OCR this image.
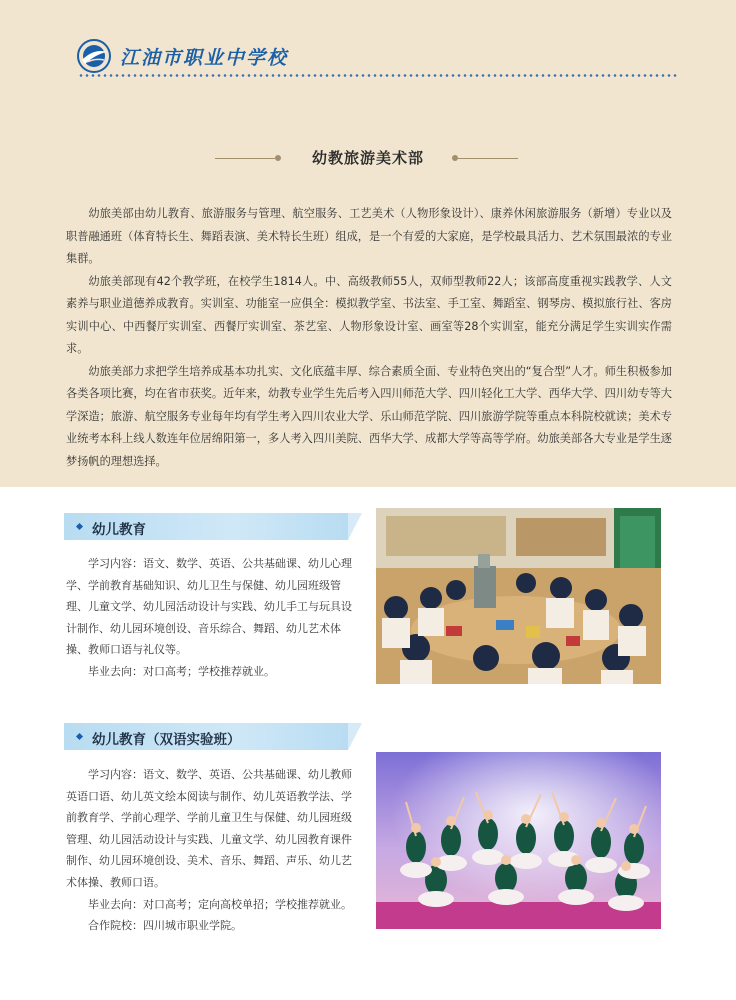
江油市职业中学校
幼教旅游美术部

幼旅美部由幼儿教育、旅游服务与管理、航空服务、工艺美术（人物形象设计）、康养休闲旅游服务（新增）专业以及职普融通班（体育特长生、舞蹈表演、美术特长生班）组成，是一个有爱的大家庭，是学校最具活力、艺术氛围最浓的专业集群。

幼旅美部现有42个教学班，在校学生1814人。中、高级教师55人，双师型教师22人；该部高度重视实践教学、人文素养与职业道德养成教育。实训室、功能室一应俱全：模拟教学室、书法室、手工室、舞蹈室、钢琴房、模拟旅行社、客房实训中心、中西餐厅实训室、西餐厅实训室、茶艺室、人物形象设计室、画室等28个实训室，能充分满足学生实训实作需求。

幼旅美部力求把学生培养成基本功扎实、文化底蕴丰厚、综合素质全面、专业特色突出的“复合型”人才。师生积极参加各类各项比赛，均在省市获奖。近年来，幼教专业学生先后考入四川师范大学、四川轻化工大学、西华大学、四川幼专等大学深造；旅游、航空服务专业每年均有学生考入四川农业大学、乐山师范学院、四川旅游学院等重点本科院校就读；美术专业统考本科上线人数连年位居绵阳第一，多人考入四川美院、西华大学、成都大学等高等学府。幼旅美部各大专业是学生逐梦扬帆的理想选择。

幼儿教育

学习内容：语文、数学、英语、公共基础课、幼儿心理学、学前教育基础知识、幼儿卫生与保健、幼儿园班级管理、儿童文学、幼儿园活动设计与实践、幼儿手工与玩具设计制作、幼儿园环境创设、音乐综合、舞蹈、幼儿艺术体操、教师口语与礼仪等。

毕业去向：对口高考；学校推荐就业。

幼儿教育（双语实验班）

学习内容：语文、数学、英语、公共基础课、幼儿教师英语口语、幼儿英文绘本阅读与制作、幼儿英语教学法、学前教育学、学前心理学、学前儿童卫生与保健、幼儿园班级管理、幼儿园活动设计与实践、儿童文学、幼儿园教育课件制作、幼儿园环境创设、美术、音乐、舞蹈、声乐、幼儿艺术体操、教师口语。

毕业去向：对口高考；定向高校单招；学校推荐就业。

合作院校：四川城市职业学院。
